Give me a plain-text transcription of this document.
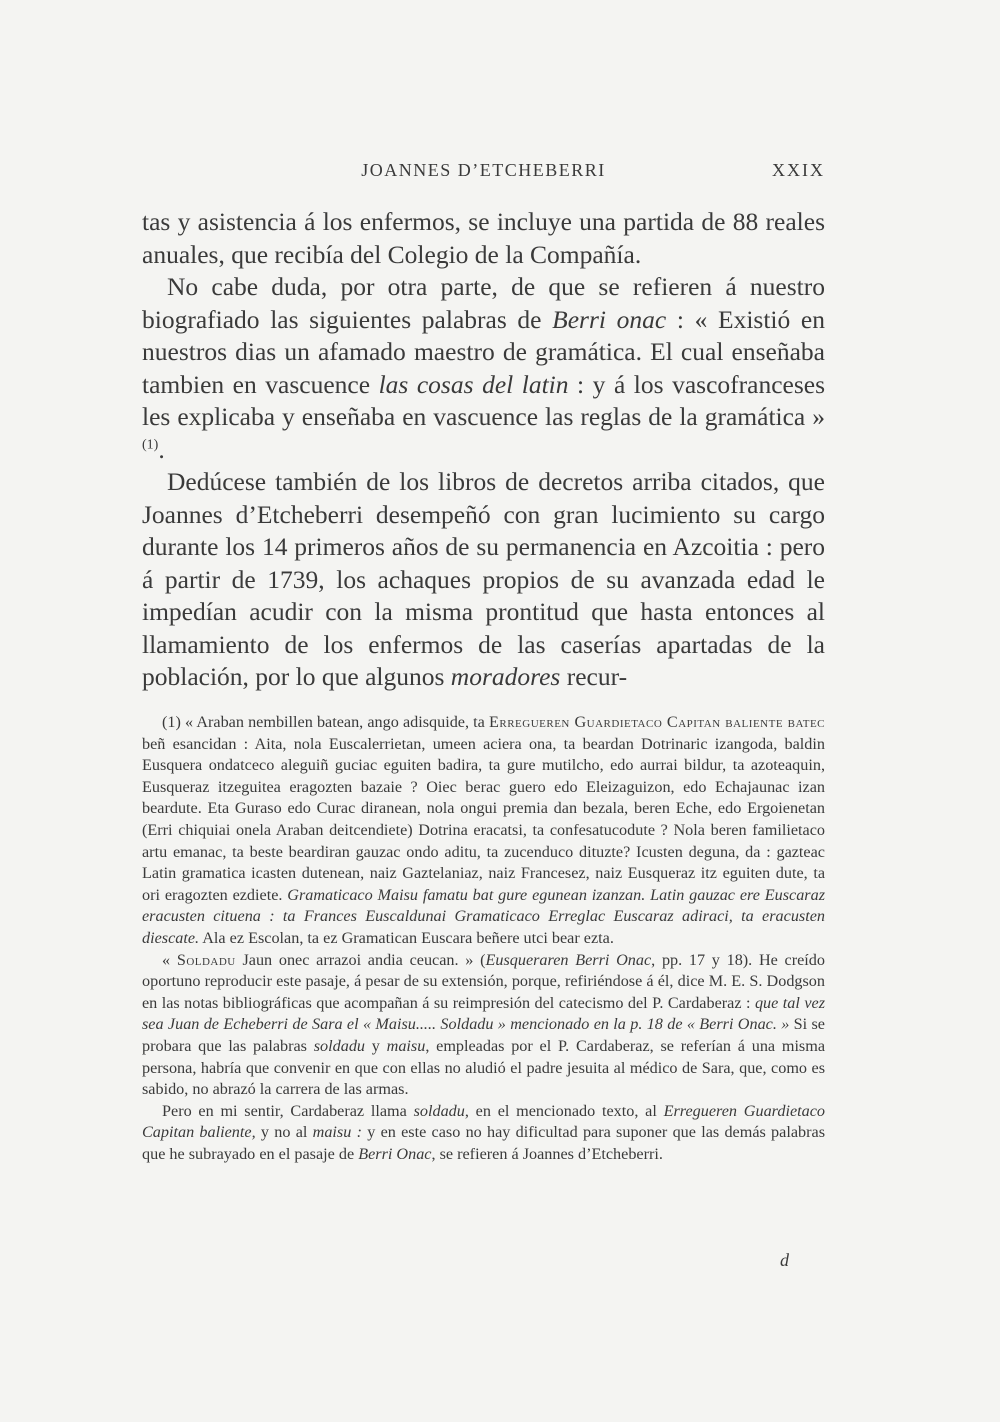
JOANNES D’ETCHEBERRI	XXIX

tas y asistencia á los enfermos, se incluye una partida de 88 reales anuales, que recibía del Colegio de la Compañía.

No cabe duda, por otra parte, de que se refieren á nuestro biografiado las siguientes palabras de Berri onac : « Existió en nuestros dias un afamado maestro de gramática. El cual enseñaba tambien en vascuence las cosas del latin : y á los vascofranceses les explicaba y enseñaba en vascuence las reglas de la gramática » $^{(1)}$.

Dedúcese también de los libros de decretos arriba citados, que Joannes d’Etcheberri desempeñó con gran lucimiento su cargo durante los 14 primeros años de su permanencia en Azcoitia : pero á partir de 1739, los achaques propios de su avanzada edad le impedían acudir con la misma prontitud que hasta entonces al llamamiento de los enfermos de las caserías apartadas de la población, por lo que algunos moradores recur-

(1) « Araban nembillen batean, ango adisquide, ta Erregueren Guardietaco Capitan baliente batec beñ esancidan : Aita, nola Euscalerrietan, umeen aciera ona, ta beardan Dotrinaric izangoda, baldin Eusquera ondatceco aleguiñ guciac eguiten badira, ta gure mutilcho, edo aurrai bildur, ta azoteaquin, Eusqueraz itzeguitea eragozten bazaie ? Oiec berac guero edo Eleizaguizon, edo Echajaunac izan beardute. Eta Guraso edo Curac diranean, nola ongui premia dan bezala, beren Eche, edo Ergoienetan (Erri chiquiai onela Araban deitcendiete) Dotrina eracatsi, ta confesatucodute ? Nola beren familietaco artu emanac, ta beste beardiran gauzac ondo aditu, ta zucenduco dituzte? Icusten deguna, da : gazteac Latin gramatica icasten dutenean, naiz Gaztelaniaz, naiz Francesez, naiz Eusqueraz itz eguiten dute, ta ori eragozten ezdiete. Gramaticaco Maisu famatu bat gure egunean izanzan. Latin gauzac ere Euscaraz eracusten cituena : ta Frances Euscaldunai Gramaticaco Erreglac Euscaraz adiraci, ta eracusten diescate. Ala ez Escolan, ta ez Gramatican Euscara beñere utci bear ezta.

« Soldadu Jaun onec arrazoi andia ceucan. » (Eusqueraren Berri Onac, pp. 17 y 18). He creído oportuno reproducir este pasaje, á pesar de su extensión, porque, refiriéndose á él, dice M. E. S. Dodgson en las notas bibliográficas que acompañan á su reimpresión del catecismo del P. Cardaberaz : que tal vez sea Juan de Echeberri de Sara el « Maisu..... Soldadu » mencionado en la p. 18 de « Berri Onac. » Si se probara que las palabras soldadu y maisu, empleadas por el P. Cardaberaz, se referían á una misma persona, habría que convenir en que con ellas no aludió el padre jesuita al médico de Sara, que, como es sabido, no abrazó la carrera de las armas.

Pero en mi sentir, Cardaberaz llama soldadu, en el mencionado texto, al Erregueren Guardietaco Capitan baliente, y no al maisu : y en este caso no hay dificultad para suponer que las demás palabras que he subrayado en el pasaje de Berri Onac, se refieren á Joannes d’Etcheberri.

d
